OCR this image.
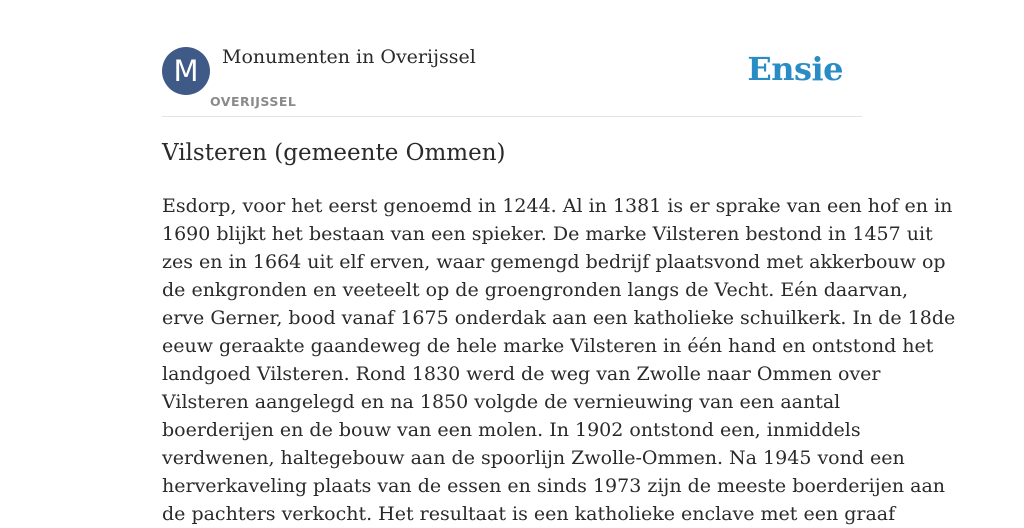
M	Monumenten in Overijssel
OVERIJSSEL
Ensie
Vilsteren (gemeente Ommen)
Esdorp, voor het eerst genoemd in 1244. Al in 1381 is er sprake van een hof en in
1690 blijkt het bestaan van een spieker. De marke Vilsteren bestond in 1457 uit
zes en in 1664 uit elf erven, waar gemengd bedrijf plaatsvond met akkerbouw op
de enkgronden en veeteelt op de groengronden langs de Vecht. Eén daarvan,
erve Gerner, bood vanaf 1675 onderdak aan een katholieke schuilkerk. In de 18de
eeuw geraakte gaandeweg de hele marke Vilsteren in één hand en ontstond het
landgoed Vilsteren. Rond 1830 werd de weg van Zwolle naar Ommen over
Vilsteren aangelegd en na 1850 volgde de vernieuwing van een aantal
boerderijen en de bouw van een molen. In 1902 ontstond een, inmiddels
verdwenen, haltegebouw aan de spoorlijn Zwolle-Ommen. Na 1945 vond een
herverkaveling plaats van de essen en sinds 1973 zijn de meeste boerderijen aan
de pachters verkocht. Het resultaat is een katholieke enclave met een graaf
